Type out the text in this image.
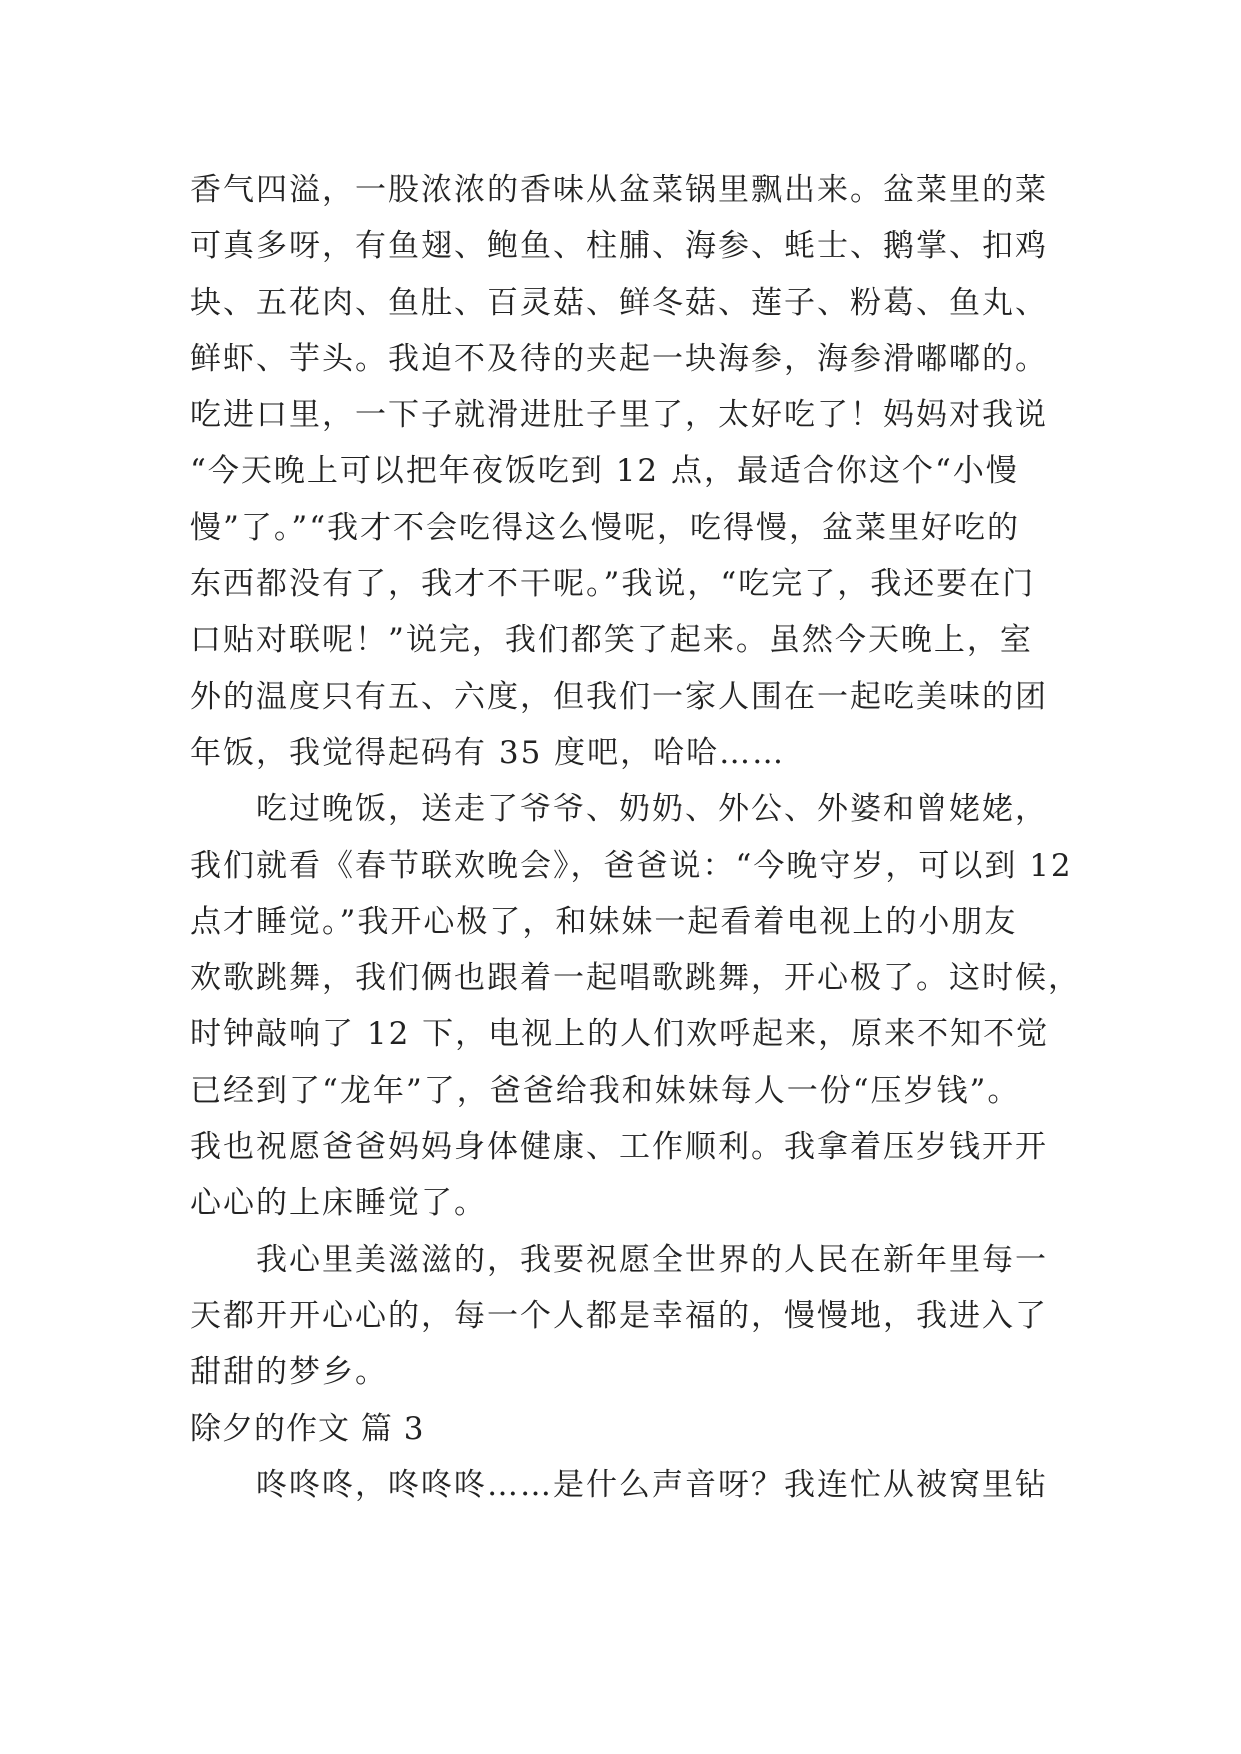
香气四溢，一股浓浓的香味从盆菜锅里飘出来。盆菜里的菜
可真多呀，有鱼翅、鲍鱼、柱脯、海参、蚝士、鹅掌、扣鸡
块、五花肉、鱼肚、百灵菇、鲜冬菇、莲子、粉葛、鱼丸、
鲜虾、芋头。我迫不及待的夹起一块海参，海参滑嘟嘟的。
吃进口里，一下子就滑进肚子里了，太好吃了！妈妈对我说
“今天晚上可以把年夜饭吃到 12 点，最适合你这个“小慢
慢”了。”“我才不会吃得这么慢呢，吃得慢，盆菜里好吃的
东西都没有了，我才不干呢。”我说，“吃完了，我还要在门
口贴对联呢！”说完，我们都笑了起来。虽然今天晚上，室
外的温度只有五、六度，但我们一家人围在一起吃美味的团
年饭，我觉得起码有 35 度吧，哈哈……
吃过晚饭，送走了爷爷、奶奶、外公、外婆和曾姥姥，
我们就看《春节联欢晚会》，爸爸说：“今晚守岁，可以到 12
点才睡觉。”我开心极了，和妹妹一起看着电视上的小朋友
欢歌跳舞，我们俩也跟着一起唱歌跳舞，开心极了。这时候，
时钟敲响了 12 下，电视上的人们欢呼起来，原来不知不觉
已经到了“龙年”了，爸爸给我和妹妹每人一份“压岁钱”。
我也祝愿爸爸妈妈身体健康、工作顺利。我拿着压岁钱开开
心心的上床睡觉了。
我心里美滋滋的，我要祝愿全世界的人民在新年里每一
天都开开心心的，每一个人都是幸福的，慢慢地，我进入了
甜甜的梦乡。
除夕的作文 篇 3
咚咚咚，咚咚咚……是什么声音呀？我连忙从被窝里钻
